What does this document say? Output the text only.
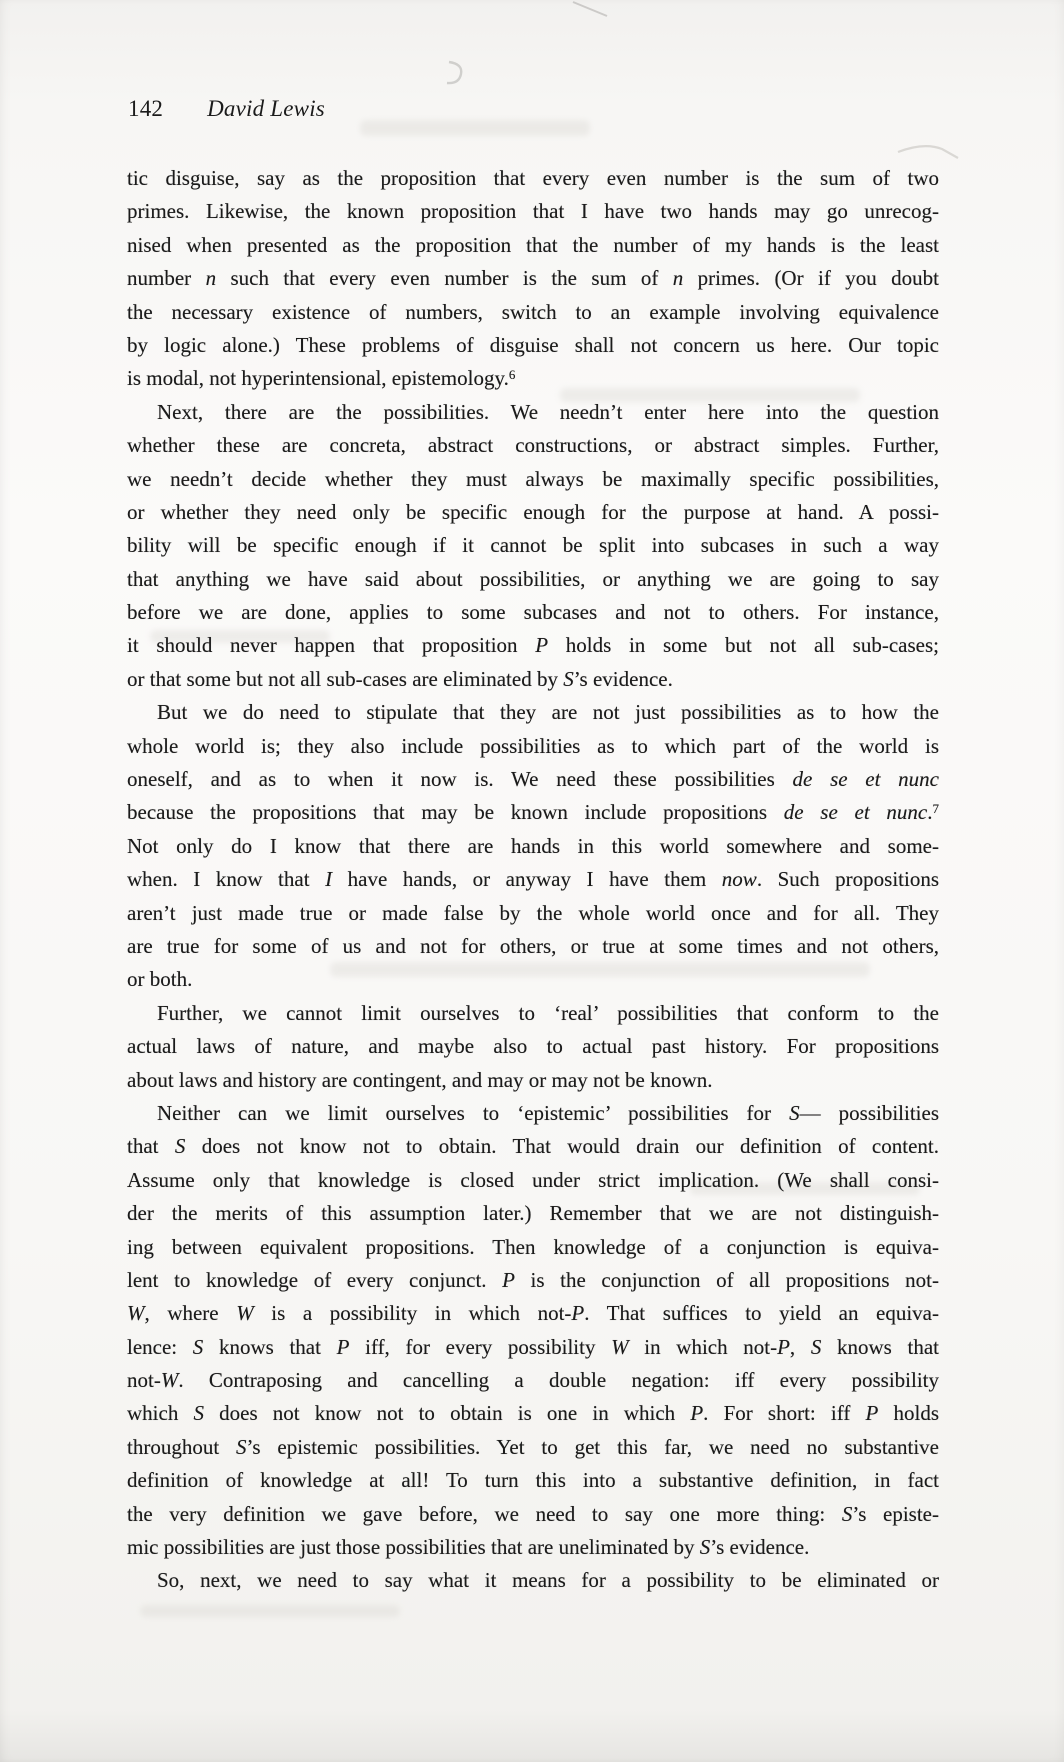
142 David Lewis
tic disguise, say as the proposition that every even number is the sum of two
primes. Likewise, the known proposition that I have two hands may go unrecog-
nised when presented as the proposition that the number of my hands is the least
number n such that every even number is the sum of n primes. (Or if you doubt
the necessary existence of numbers, switch to an example involving equivalence
by logic alone.) These problems of disguise shall not concern us here. Our topic
is modal, not hyperintensional, epistemology.$^6$
Next, there are the possibilities. We needn’t enter here into the question
whether these are concreta, abstract constructions, or abstract simples. Further,
we needn’t decide whether they must always be maximally specific possibilities,
or whether they need only be specific enough for the purpose at hand. A possi-
bility will be specific enough if it cannot be split into subcases in such a way
that anything we have said about possibilities, or anything we are going to say
before we are done, applies to some subcases and not to others. For instance,
it should never happen that proposition P holds in some but not all sub-cases;
or that some but not all sub-cases are eliminated by S’s evidence.
But we do need to stipulate that they are not just possibilities as to how the
whole world is; they also include possibilities as to which part of the world is
oneself, and as to when it now is. We need these possibilities de se et nunc
because the propositions that may be known include propositions de se et nunc.$^7$
Not only do I know that there are hands in this world somewhere and some-
when. I know that I have hands, or anyway I have them now. Such propositions
aren’t just made true or made false by the whole world once and for all. They
are true for some of us and not for others, or true at some times and not others,
or both.
Further, we cannot limit ourselves to ‘real’ possibilities that conform to the
actual laws of nature, and maybe also to actual past history. For propositions
about laws and history are contingent, and may or may not be known.
Neither can we limit ourselves to ‘epistemic’ possibilities for S— possibilities
that S does not know not to obtain. That would drain our definition of content.
Assume only that knowledge is closed under strict implication. (We shall consi-
der the merits of this assumption later.) Remember that we are not distinguish-
ing between equivalent propositions. Then knowledge of a conjunction is equiva-
lent to knowledge of every conjunct. P is the conjunction of all propositions not-
W, where W is a possibility in which not-P. That suffices to yield an equiva-
lence: S knows that P iff, for every possibility W in which not-P, S knows that
not-W. Contraposing and cancelling a double negation: iff every possibility
which S does not know not to obtain is one in which P. For short: iff P holds
throughout S’s epistemic possibilities. Yet to get this far, we need no substantive
definition of knowledge at all! To turn this into a substantive definition, in fact
the very definition we gave before, we need to say one more thing: S’s episte-
mic possibilities are just those possibilities that are uneliminated by S’s evidence.
So, next, we need to say what it means for a possibility to be eliminated or
